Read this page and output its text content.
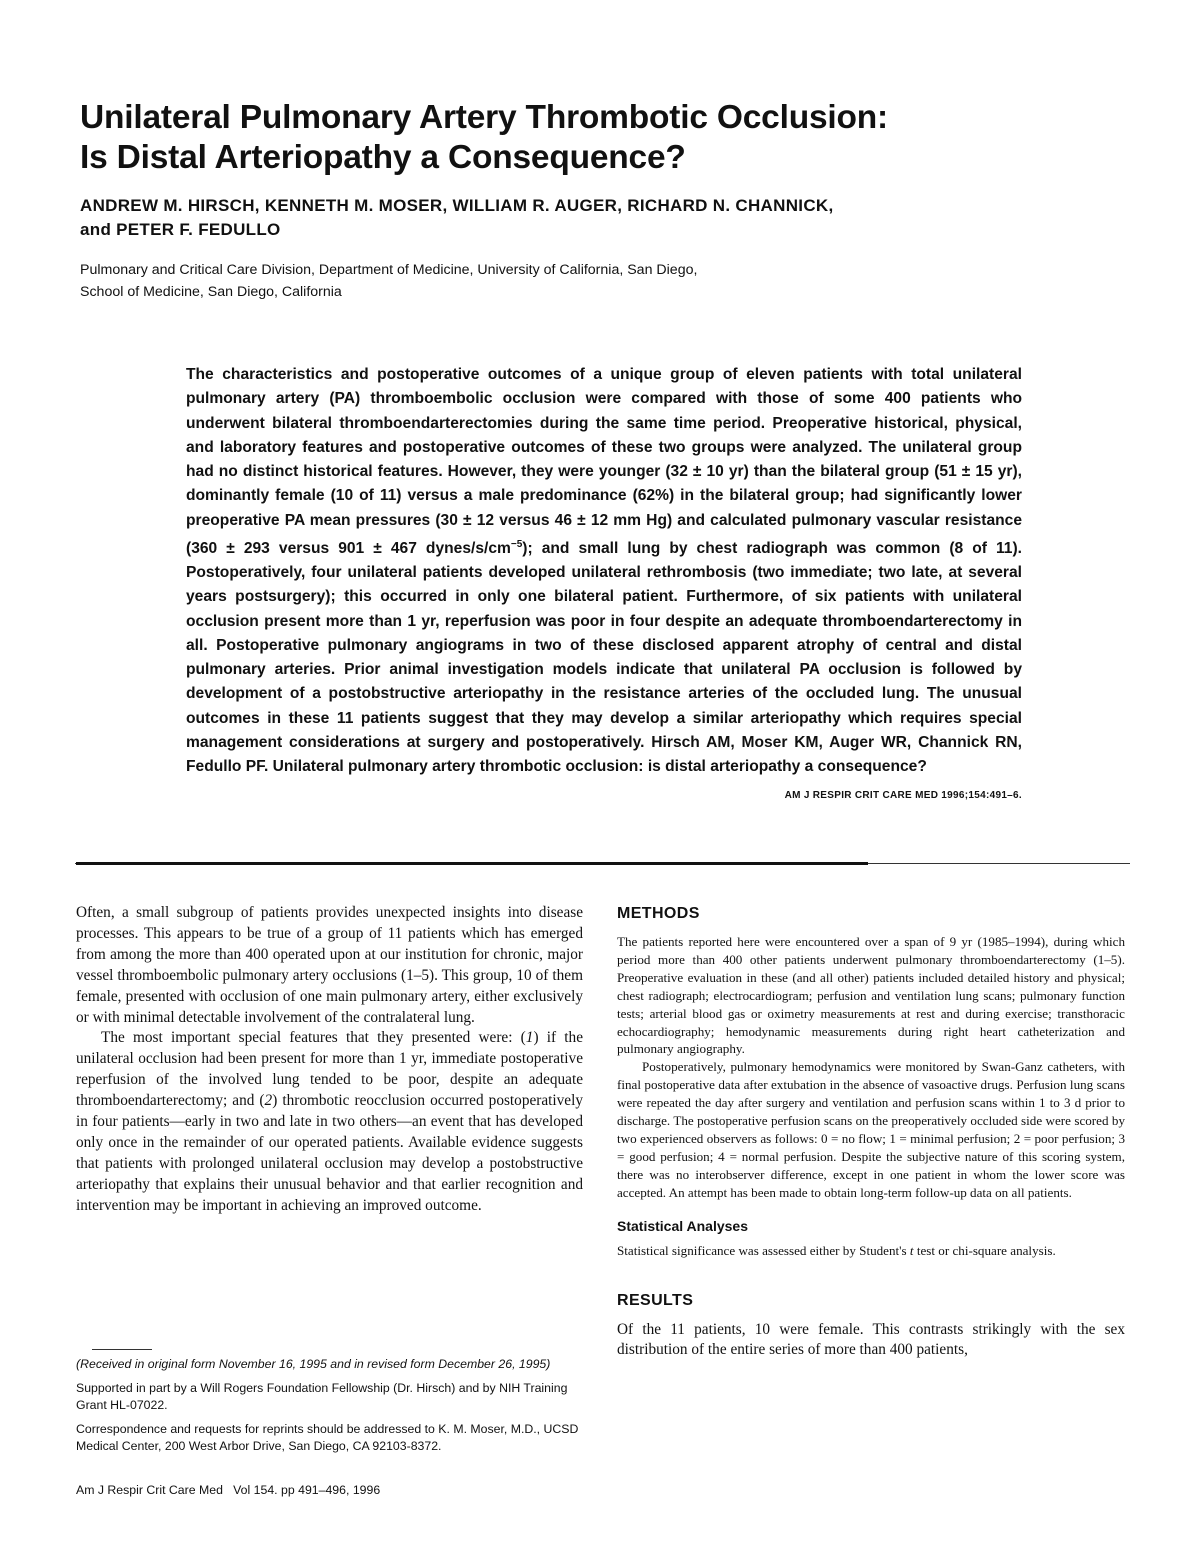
Unilateral Pulmonary Artery Thrombotic Occlusion:
Is Distal Arteriopathy a Consequence?

ANDREW M. HIRSCH, KENNETH M. MOSER, WILLIAM R. AUGER, RICHARD N. CHANNICK,
and PETER F. FEDULLO

Pulmonary and Critical Care Division, Department of Medicine, University of California, San Diego,
School of Medicine, San Diego, California

The characteristics and postoperative outcomes of a unique group of eleven patients with total unilateral pulmonary artery (PA) thromboembolic occlusion were compared with those of some 400 patients who underwent bilateral thromboendarterectomies during the same time period. Preoperative historical, physical, and laboratory features and postoperative outcomes of these two groups were analyzed. The unilateral group had no distinct historical features. However, they were younger (32 ± 10 yr) than the bilateral group (51 ± 15 yr), dominantly female (10 of 11) versus a male predominance (62%) in the bilateral group; had significantly lower preoperative PA mean pressures (30 ± 12 versus 46 ± 12 mm Hg) and calculated pulmonary vascular resistance (360 ± 293 versus 901 ± 467 dynes/$s/cm^{-5}$); and small lung by chest radiograph was common (8 of 11). Postoperatively, four unilateral patients developed unilateral rethrombosis (two immediate; two late, at several years postsurgery); this occurred in only one bilateral patient. Furthermore, of six patients with unilateral occlusion present more than 1 yr, reperfusion was poor in four despite an adequate thromboendarterectomy in all. Postoperative pulmonary angiograms in two of these disclosed apparent atrophy of central and distal pulmonary arteries. Prior animal investigation models indicate that unilateral PA occlusion is followed by development of a postobstructive arteriopathy in the resistance arteries of the occluded lung. The unusual outcomes in these 11 patients suggest that they may develop a similar arteriopathy which requires special management considerations at surgery and postoperatively. Hirsch AM, Moser KM, Auger WR, Channick RN, Fedullo PF. Unilateral pulmonary artery thrombotic occlusion: is distal arteriopathy a consequence?
AM J RESPIR CRIT CARE MED 1996;154:491–6.

Often, a small subgroup of patients provides unexpected insights into disease processes. This appears to be true of a group of 11 patients which has emerged from among the more than 400 operated upon at our institution for chronic, major vessel thromboembolic pulmonary artery occlusions (1–5). This group, 10 of them female, presented with occlusion of one main pulmonary artery, either exclusively or with minimal detectable involvement of the contralateral lung.

The most important special features that they presented were: (1) if the unilateral occlusion had been present for more than 1 yr, immediate postoperative reperfusion of the involved lung tended to be poor, despite an adequate thromboendarterectomy; and (2) thrombotic reocclusion occurred postoperatively in four patients—early in two and late in two others—an event that has developed only once in the remainder of our operated patients. Available evidence suggests that patients with prolonged unilateral occlusion may develop a postobstructive arteriopathy that explains their unusual behavior and that earlier recognition and intervention may be important in achieving an improved outcome.

(Received in original form November 16, 1995 and in revised form December 26, 1995)

Supported in part by a Will Rogers Foundation Fellowship (Dr. Hirsch) and by NIH Training Grant HL-07022.

Correspondence and requests for reprints should be addressed to K. M. Moser, M.D., UCSD Medical Center, 200 West Arbor Drive, San Diego, CA 92103-8372.

Am J Respir Crit Care Med   Vol 154. pp 491–496, 1996

METHODS

The patients reported here were encountered over a span of 9 yr (1985–1994), during which period more than 400 other patients underwent pulmonary thromboendarterectomy (1–5). Preoperative evaluation in these (and all other) patients included detailed history and physical; chest radiograph; electrocardiogram; perfusion and ventilation lung scans; pulmonary function tests; arterial blood gas or oximetry measurements at rest and during exercise; transthoracic echocardiography; hemodynamic measurements during right heart catheterization and pulmonary angiography.

Postoperatively, pulmonary hemodynamics were monitored by Swan-Ganz catheters, with final postoperative data after extubation in the absence of vasoactive drugs. Perfusion lung scans were repeated the day after surgery and ventilation and perfusion scans within 1 to 3 d prior to discharge. The postoperative perfusion scans on the preoperatively occluded side were scored by two experienced observers as follows: 0 = no flow; 1 = minimal perfusion; 2 = poor perfusion; 3 = good perfusion; 4 = normal perfusion. Despite the subjective nature of this scoring system, there was no interobserver difference, except in one patient in whom the lower score was accepted. An attempt has been made to obtain long-term follow-up data on all patients.

Statistical Analyses

Statistical significance was assessed either by Student's t test or chi-square analysis.

RESULTS

Of the 11 patients, 10 were female. This contrasts strikingly with the sex distribution of the entire series of more than 400 patients,
